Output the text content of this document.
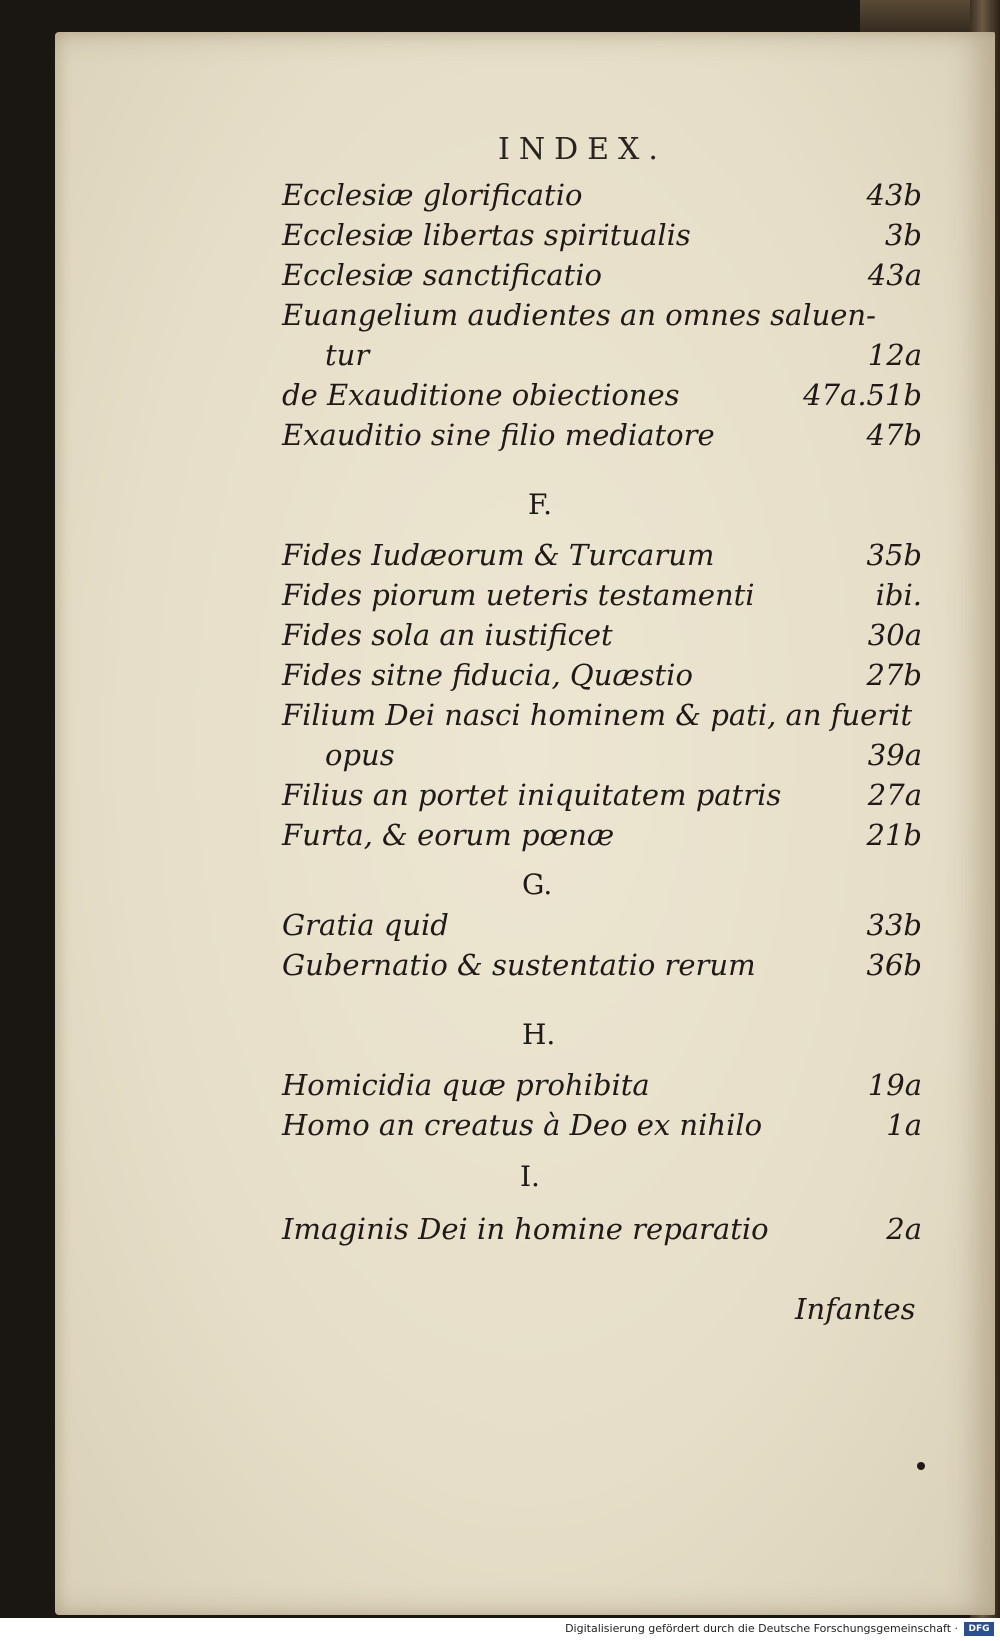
INDEX.
Ecclesiæ glorificatio	43b
Ecclesiæ libertas spiritualis	3b
Ecclesiæ sanctificatio	43a
Euangelium audientes an omnes saluen-
tur	12a
de Exauditione obiectiones	47a.51b
Exauditio sine filio mediatore	47b
F.
Fides Iudæorum & Turcarum	35b
Fides piorum ueteris testamenti	ibi.
Fides sola an iustificet	30a
Fides sitne fiducia, Quæstio	27b
Filium Dei nasci hominem & pati, an fuerit
opus	39a
Filius an portet iniquitatem patris	27a
Furta, & eorum pœnæ	21b
G.
Gratia quid	33b
Gubernatio & sustentatio rerum	36b
H.
Homicidia quæ prohibita	19a
Homo an creatus à Deo ex nihilo	1a
I.
Imaginis Dei in homine reparatio	2a
Infantes
Digitalisierung gefördert durch die Deutsche Forschungsgemeinschaft ·	DFG
